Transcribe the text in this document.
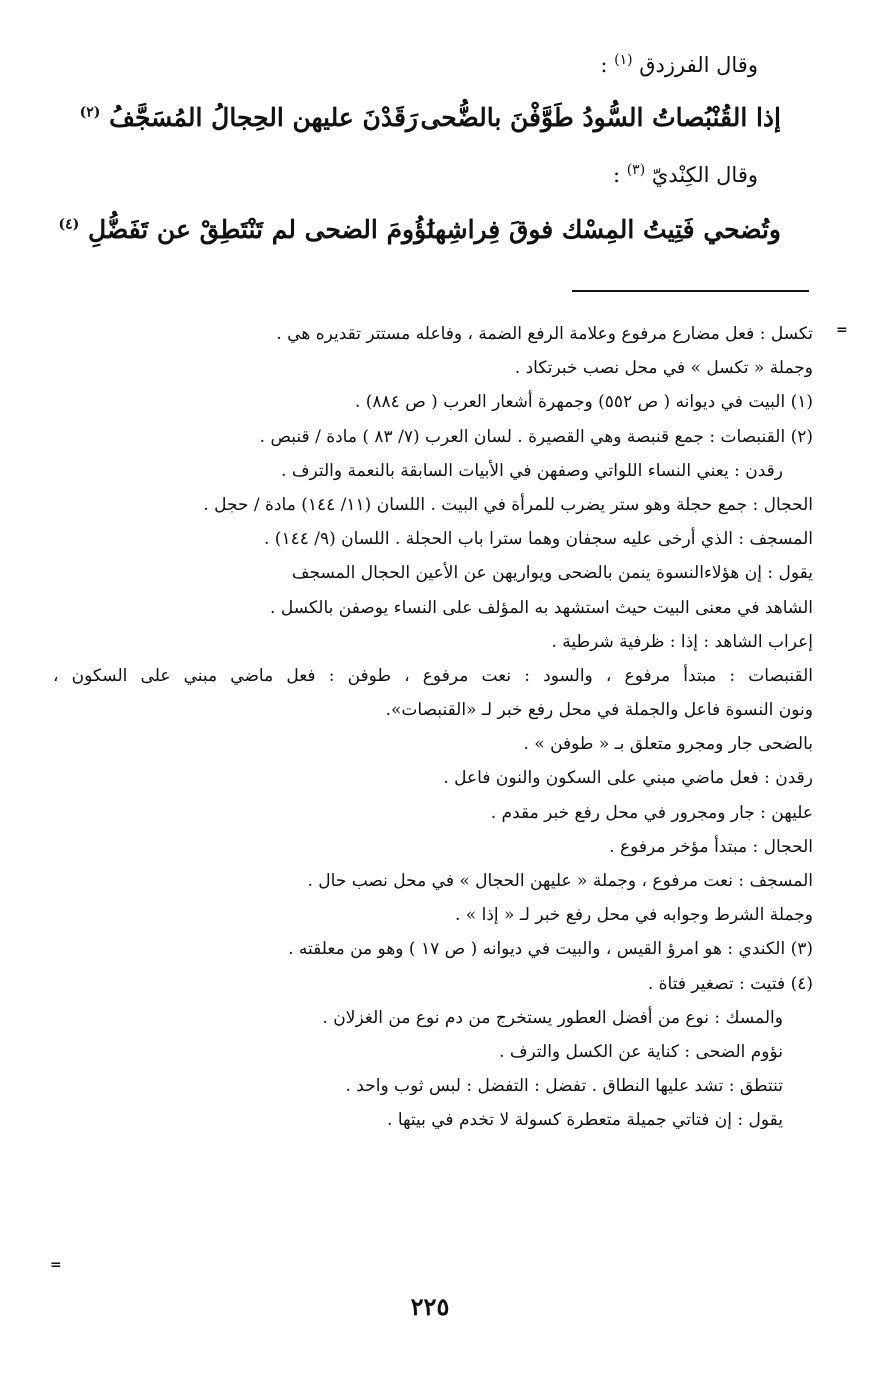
وقال الفرزدق $^{(١)}$ :
إذا القُنْبُصاتُ السُّودُ طَوَّفْنَ بالضُّحى
رَقَدْنَ عليهن الحِجالُ المُسَجَّفُ $^{(٢)}$
وقال الكِنْديّ $^{(٣)}$ :
وتُضحي فَتِيتُ المِسْك فوقَ فِراشِها
نَؤُومَ الضحى لم تَنْتَطِقْ عن تَفَضُّلِ $^{(٤)}$
=
=
تكسل : فعل مضارع مرفوع وعلامة الرفع الضمة ، وفاعله مستتر تقديره هي .
وجملة « تكسل » في محل نصب خبرتكاد .
(١) البيت في ديوانه ( ص ٥٥٢) وجمهرة أشعار العرب ( ص ٨٨٤) .
(٢) القنبصات : جمع قنبصة وهي القصيرة . لسان العرب (٧/ ٨٣ ) مادة / قنبص .
رقدن : يعني النساء اللواتي وصفهن في الأبيات السابقة بالنعمة والترف .
الحجال : جمع حجلة وهو ستر يضرب للمرأة في البيت . اللسان (١١/ ١٤٤) مادة / حجل .
المسجف : الذي أرخى عليه سجفان وهما سترا باب الحجلة . اللسان (٩/ ١٤٤) .
يقول : إن هؤلاءالنسوة ينمن بالضحى ويواريهن عن الأعين الحجال المسجف
الشاهد في معنى البيت حيث استشهد به المؤلف على النساء يوصفن بالكسل .
إعراب الشاهد : إذا : ظرفية شرطية .
القنبصات : مبتدأ مرفوع ، والسود : نعت مرفوع ، طوفن : فعل ماضي مبني على السكون ،
ونون النسوة فاعل والجملة في محل رفع خبر لـ «القنبصات».
بالضحى جار ومجرو متعلق بـ « طوفن » .
رقدن : فعل ماضي مبني على السكون والنون فاعل .
عليهن : جار ومجرور في محل رفع خبر مقدم .
الحجال : مبتدأ مؤخر مرفوع .
المسجف : نعت مرفوع ، وجملة « عليهن الحجال » في محل نصب حال .
وجملة الشرط وجوابه في محل رفع خبر لـ « إذا » .
(٣) الكندي : هو امرؤ القيس ، والبيت في ديوانه ( ص ١٧ ) وهو من معلقته .
(٤) فتيت : تصغير فتاة .
والمسك : نوع من أفضل العطور يستخرج من دم نوع من الغزلان .
نؤوم الضحى : كناية عن الكسل والترف .
تنتطق : تشد عليها النطاق . تفضل : التفضل : لبس ثوب واحد .
يقول : إن فتاتي جميلة متعطرة كسولة لا تخدم في بيتها .
٢٢٥
